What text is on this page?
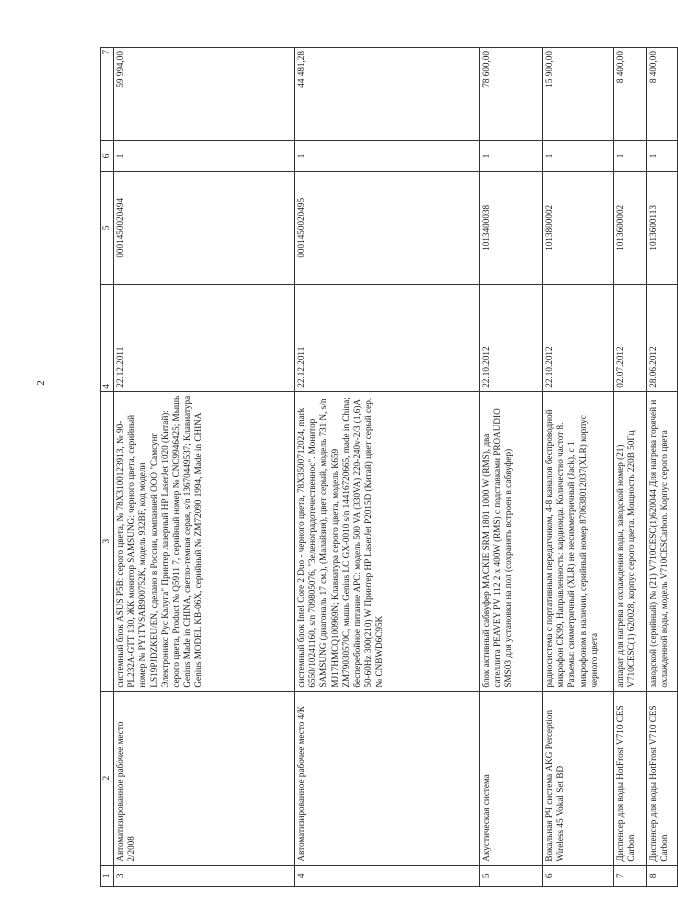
2
1	2	3	4	5	6	7
3	Автоматизированное рабочее место 2/2008	системный блок ASUS P5B: серого цвета, № 78X3100123913, № 90-PL232A-GTT 130, ЖК монитор SAMSUNG: черного цвета, серийный номер № PY1TVSAB900752K, модель 932BF, код модели LS19PJDZKEU/EN, сделано в России, компанией ООО "Самсунг Электроникс Рус Калуга" Принтер лазерный HP LaserJet 1020 (Китай): серого цвета, Product № Q5911 7, серийный номер № CNC9946425; Мышь Genius Made in CHINA, светло-темная серая, s/n 13670449537; Клавиатура Genius MODEL KB-06X, серийный № ZM72090 1994, Made in CHINA	22.12.2011	0001450020494	1	59 994,00
4	Автоматизированное рабочее место 4/К	системный блок Intel Core 2 Duo - черного цвета, 78X3500712024, mark 6550/10241160, s/n 709805076, "Зеленоградотечественнос". Монитор SAMSUNG (диагональ 17 см.), (Малайзия), цвет серый, модель 731 N, s/n MJ17HMCQ100969N; Клавиатура серого цвета, модель К659 ZM79030570C, мышь Genius LC GX-0010 s/n 14416720665, made in China; бесперебойное питание АРС: модель 500 VA (330VA) 220-240v-2/3 (1,6)A 50-60Hz 300(210) W Принтер HP LaserJet P2015D (Китай) цвет серый сер.№ CNBWD6C95K	22.12.2011	0001450020495	1	44 481,28
5	Акустическая система	блок активный сабвуфер MACKIE SRM 1801 1000 W (RMS), два сателлита PEAVEY PV 112 2 x 400W (RMS) с подставками PROAUDIO SMS03 для установки на пол (сохранять встроен в сабвуфер)	22.10.2012	1013400038	1	78 600,00
6	Вокальная РЧ система AKG Perception Wireless 45 Vokal Set BD	радиосистема с портативным передатчиком, 4-8 каналов беспроводной микрофон CK99, Направленность: кардиоида. Количество частот 8. Разъемы: симметричный (XLR) не несимметричный (Jack), с 1 микрофоном в наличии, серийный номер 870638012037(XLR) корпус черного цвета	22.10.2012	1013800002	1	15 900,00
7	Диспенсер для воды HotFrost V710 CES Carbon	аппарат для нагрева и охлаждения воды, заводской номер (21) V710CESC(1) 620028, корпус серого цвета. Мощность 220В 50Гц	02.07.2012	1013600002	1	8 400,00
8	Диспенсер для воды HotFrost V710 CES Carbon	заводской (серийный) № (21) V710CESC(1)620044 Для нагрева горячей и охлажденной воды, модель V710CESCarbon. Корпус серого цвета	28.06.2012	1013600113	1	8 400,00
